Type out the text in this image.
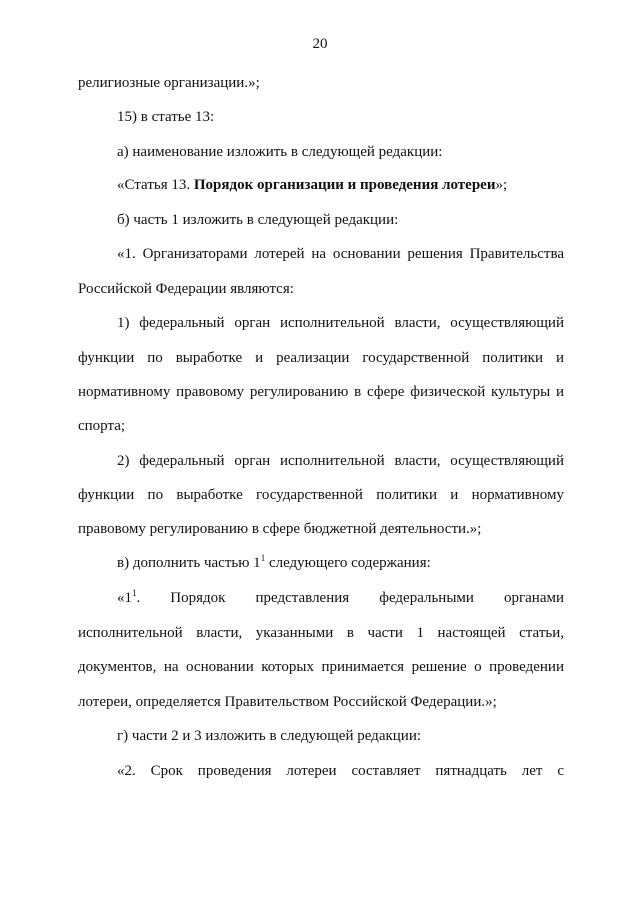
20
религиозные организации.»;
15) в статье 13:
а) наименование изложить в следующей редакции:
«Статья 13. Порядок организации и проведения лотереи»;
б) часть 1 изложить в следующей редакции:
«1. Организаторами лотерей на основании решения Правительства
Российской Федерации являются:
1) федеральный орган исполнительной власти, осуществляющий
функции по выработке и реализации государственной политики и
нормативному правовому регулированию в сфере физической культуры и
спорта;
2) федеральный орган исполнительной власти, осуществляющий
функции по выработке государственной политики и нормативному
правовому регулированию в сфере бюджетной деятельности.»;
в) дополнить частью $1^1$ следующего содержания:
«$1^1$. Порядок представления федеральными органами
исполнительной власти, указанными в части 1 настоящей статьи,
документов, на основании которых принимается решение о проведении
лотереи, определяется Правительством Российской Федерации.»;
г) части 2 и 3 изложить в следующей редакции:
«2. Срок проведения лотереи составляет пятнадцать лет с
